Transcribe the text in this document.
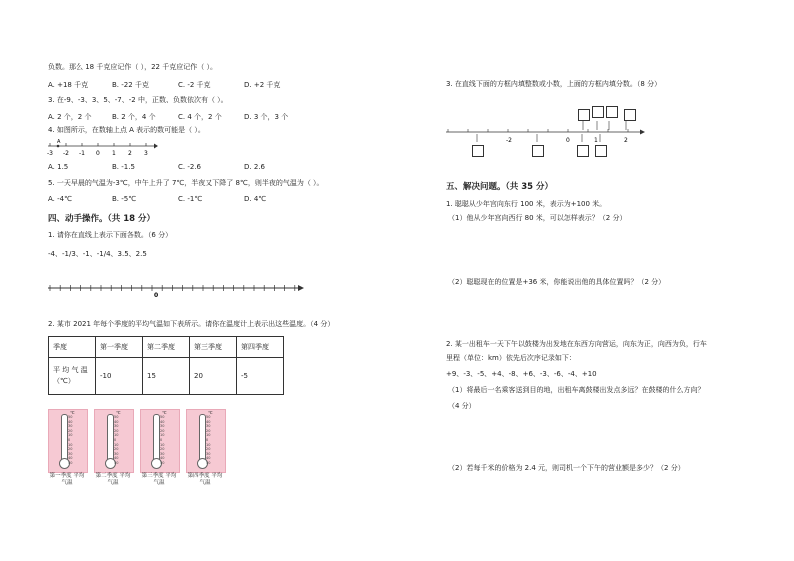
负数。那么 18 千克应记作（ ），22 千克应记作（ ）。
A. +18 千克	B. -22 千克	C. -2 千克	D. +2 千克
3. 在-9、-3、3、5、-7、-2 中，正数、负数依次有（ ）。
A. 2 个，2 个	B. 2 个，4 个	C. 4 个，2 个	D. 3 个，3 个
4. 如图所示，在数轴上点 A 表示的数可能是（ ）。
A
-3 -2 -1 0 1 2 3
A. 1.5	B. -1.5	C. -2.6	D. 2.6
5. 一天早晨的气温为-3℃，中午上升了 7℃，半夜又下降了 8℃，则半夜的气温为（ ）。
A. -4℃	B. -5℃	C. -1℃	D. 4℃
四、动手操作。（共 18 分）
1. 请你在直线上表示下面各数。（6 分）
-4、-1/3、-1、-1/4、3.5、2.5
0
2. 某市 2021 年每个季度的平均气温如下表所示。请你在温度计上表示出这些温度。（4 分）
季度	第一季度	第二季度	第三季度	第四季度
平 均 气 温（℃）	-10	15	20	-5
℃
50
40
30
20
10
0
10
20
30
40
50
℃
50
40
30
20
10
0
10
20
30
40
50
℃
50
40
30
20
10
0
10
20
30
40
50
℃
50
40
30
20
10
0
10
20
30
40
50
第一季度 平均气温
第二季度 平均气温
第三季度 平均气温
第四季度 平均气温
3. 在直线下面的方框内填整数或小数，上面的方框内填分数。（8 分）
-2	0	1	2
五、解决问题。（共 35 分）
1. 聪聪从少年宫向东行 100 米，表示为+100 米。
（1）他从少年宫向西行 80 米，可以怎样表示？（2 分）
（2）聪聪现在的位置是+36 米，你能说出他的具体位置吗？（2 分）
2. 某一出租车一天下午以鼓楼为出发地在东西方向营运，向东为正，向西为负，行车
里程（单位：km）依先后次序记录如下：
+9、-3、-5、+4、-8、+6、-3、-6、-4、+10
（1）将最后一名乘客送到目的地，出租车离鼓楼出发点多远？在鼓楼的什么方向？
（4 分）
（2）若每千米的价格为 2.4 元，则司机一个下午的营业额是多少？（2 分）
